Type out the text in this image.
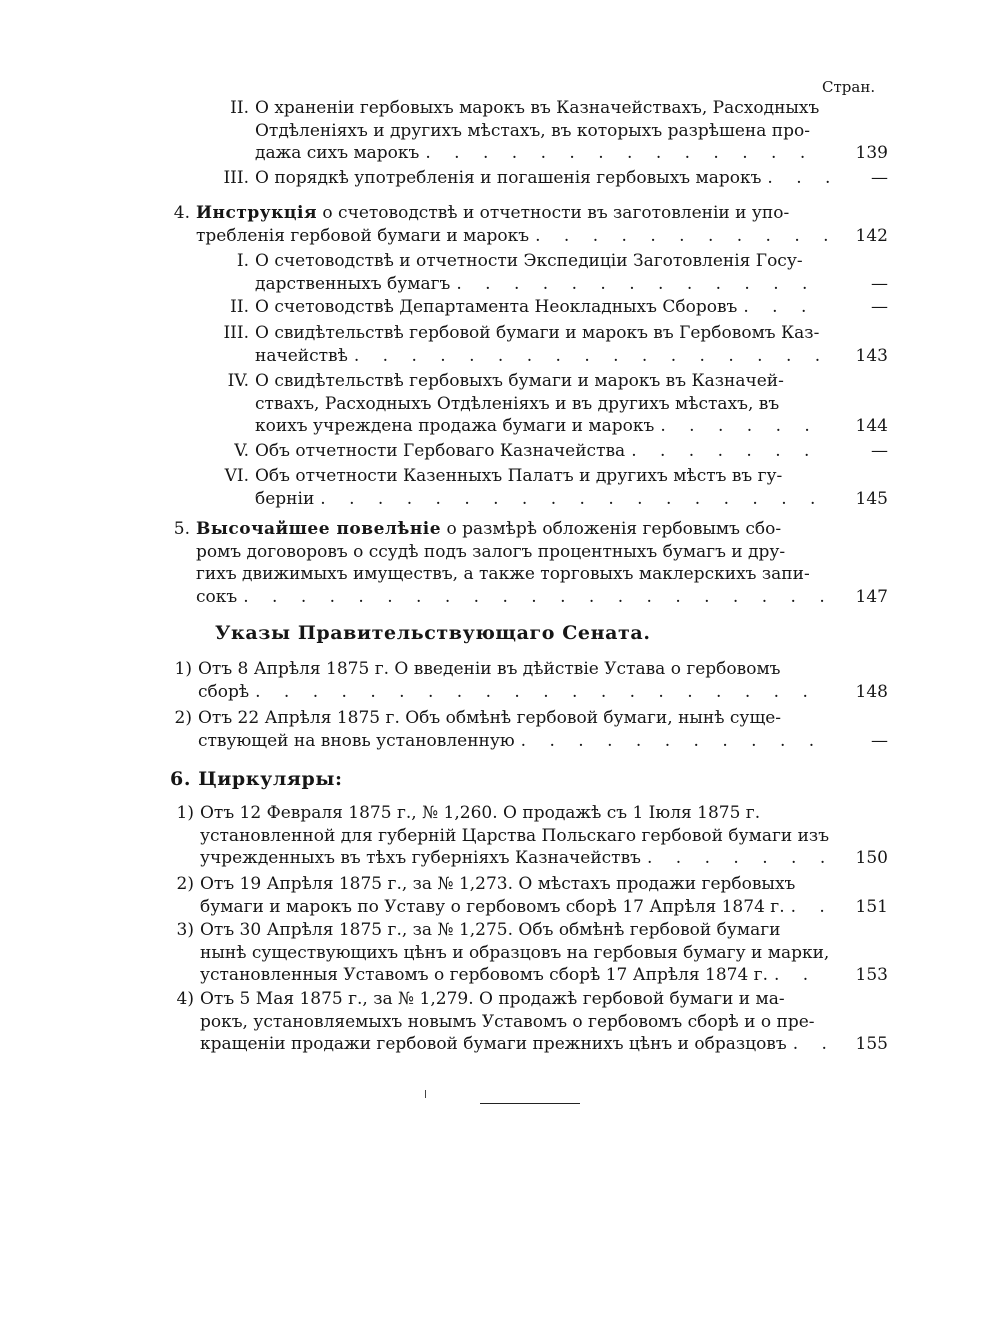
Стран.
II. О храненіи гербовыхъ марокъ въ Казначействахъ, Расходныхъ
Отдѣленіяхъ и другихъ мѣстахъ, въ которыхъ разрѣшена про-
дажа сихъ марокъ . . .	139
III. О порядкѣ употребленія и погашенія гербовыхъ марокъ . . .	—
4. Инструкція о счетоводствѣ и отчетности въ заготовленіи и упо-
требленія гербовой бумаги и марокъ . . .	142
I. О счетоводствѣ и отчетности Экспедиціи Заготовленія Госу-
дарственныхъ бумагъ . . .	—
II. О счетоводствѣ Департамента Неокладныхъ Сборовъ . . .	—
III. О свидѣтельствѣ гербовой бумаги и марокъ въ Гербовомъ Каз-
начействѣ . . .	143
IV. О свидѣтельствѣ гербовыхъ бумаги и марокъ въ Казначей-
ствахъ, Расходныхъ Отдѣленіяхъ и въ другихъ мѣстахъ, въ
коихъ учреждена продажа бумаги и марокъ . . .	144
V. Объ отчетности Гербоваго Казначейства . . .	—
VI. Объ отчетности Казенныхъ Палатъ и другихъ мѣстъ въ гу-
берніи . . .	145
5. Высочайшее повелѣніе о размѣрѣ обложенія гербовымъ сбо-
ромъ договоровъ о ссудѣ подъ залогъ процентныхъ бумагъ и дру-
гихъ движимыхъ имуществъ, а также торговыхъ маклерскихъ запи-
сокъ . . .	147
Указы Правительствующаго Сената.
1) Отъ 8 Апрѣля 1875 г. О введеніи въ дѣйствіе Устава о гербовомъ
сборѣ . . .	148
2) Отъ 22 Апрѣля 1875 г. Объ обмѣнѣ гербовой бумаги, нынѣ суще-
ствующей на вновь установленную . . .	—
6. Циркуляры:
1) Отъ 12 Февраля 1875 г., № 1,260. О продажѣ съ 1 Іюля 1875 г.
установленной для губерній Царства Польскаго гербовой бумаги изъ
учрежденныхъ въ тѣхъ губерніяхъ Казначействъ . . .	150
2) Отъ 19 Апрѣля 1875 г., за № 1,273. О мѣстахъ продажи гербовыхъ
бумаги и марокъ по Уставу о гербовомъ сборѣ 17 Апрѣля 1874 г. . . .	151
3) Отъ 30 Апрѣля 1875 г., за № 1,275. Объ обмѣнѣ гербовой бумаги
нынѣ существующихъ цѣнъ и образцовъ на гербовыя бумагу и марки,
установленныя Уставомъ о гербовомъ сборѣ 17 Апрѣля 1874 г. . . .	153
4) Отъ 5 Мая 1875 г., за № 1,279. О продажѣ гербовой бумаги и ма-
рокъ, установляемыхъ новымъ Уставомъ о гербовомъ сборѣ и о пре-
кращеніи продажи гербовой бумаги прежнихъ цѣнъ и образцовъ . . .	155
